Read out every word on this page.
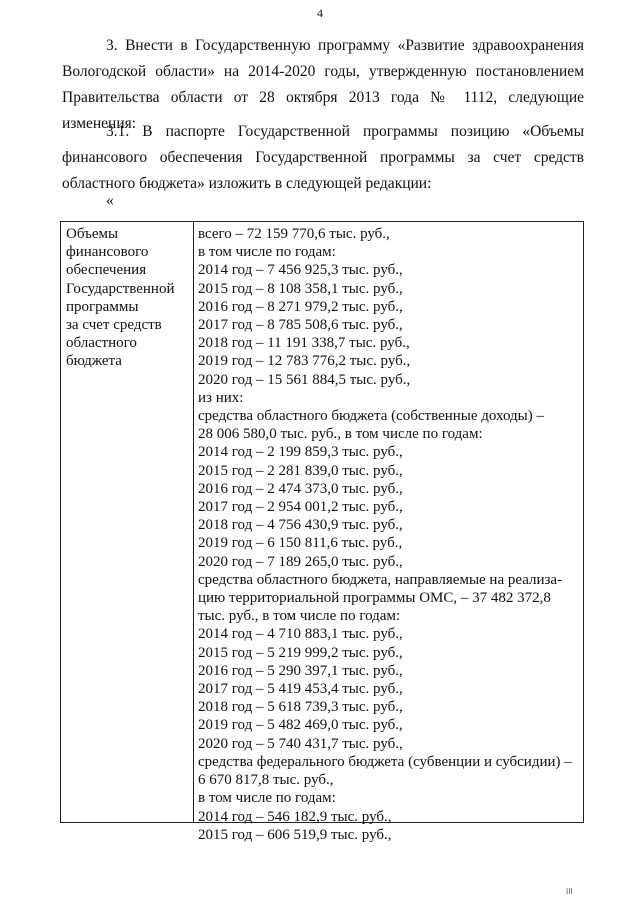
4

3. Внести в Государственную программу «Развитие здравоохранения Вологодской области» на 2014-2020 годы, утвержденную постановлением Правительства области от 28 октября 2013 года № 1112, следующие изменения:

3.1. В паспорте Государственной программы позицию «Объемы финансового обеспечения Государственной программы за счет средств областного бюджета» изложить в следующей редакции:

«
Объемы
финансового
обеспечения
Государственной
программы
за счет средств
областного
бюджета
всего – 72 159 770,6 тыс. руб.,
в том числе по годам:
2014 год – 7 456 925,3 тыс. руб.,
2015 год – 8 108 358,1 тыс. руб.,
2016 год – 8 271 979,2 тыс. руб.,
2017 год – 8 785 508,6 тыс. руб.,
2018 год – 11 191 338,7 тыс. руб.,
2019 год – 12 783 776,2 тыс. руб.,
2020 год – 15 561 884,5 тыс. руб.,
из них:
средства областного бюджета (собственные доходы) –
28 006 580,0 тыс. руб., в том числе по годам:
2014 год – 2 199 859,3 тыс. руб.,
2015 год – 2 281 839,0 тыс. руб.,
2016 год – 2 474 373,0 тыс. руб.,
2017 год – 2 954 001,2 тыс. руб.,
2018 год – 4 756 430,9 тыс. руб.,
2019 год – 6 150 811,6 тыс. руб.,
2020 год – 7 189 265,0 тыс. руб.,
средства областного бюджета, направляемые на реализа-
цию территориальной программы ОМС, – 37 482 372,8
тыс. руб., в том числе по годам:
2014 год – 4 710 883,1 тыс. руб.,
2015 год – 5 219 999,2 тыс. руб.,
2016 год – 5 290 397,1 тыс. руб.,
2017 год – 5 419 453,4 тыс. руб.,
2018 год – 5 618 739,3 тыс. руб.,
2019 год – 5 482 469,0 тыс. руб.,
2020 год – 5 740 431,7 тыс. руб.,
средства федерального бюджета (субвенции и субсидии) –
6 670 817,8 тыс. руб.,
в том числе по годам:
2014 год – 546 182,9 тыс. руб.,
2015 год – 606 519,9 тыс. руб.,
III
